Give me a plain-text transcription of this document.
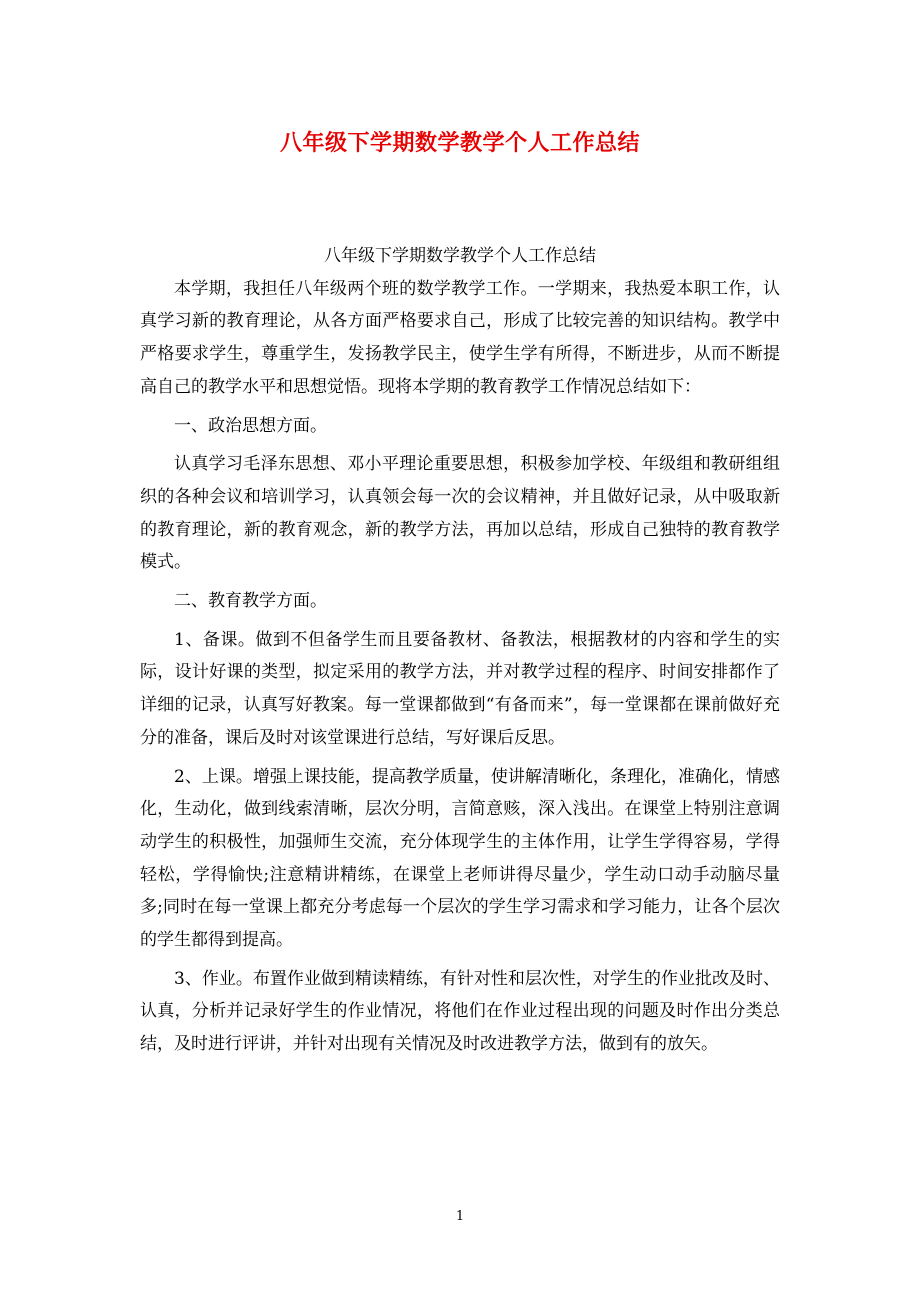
八年级下学期数学教学个人工作总结
八年级下学期数学教学个人工作总结

本学期，我担任八年级两个班的数学教学工作。一学期来，我热爱本职工作，认真学习新的教育理论，从各方面严格要求自己，形成了比较完善的知识结构。教学中严格要求学生，尊重学生，发扬教学民主，使学生学有所得，不断进步，从而不断提高自己的教学水平和思想觉悟。现将本学期的教育教学工作情况总结如下：

一、政治思想方面。

认真学习毛泽东思想、邓小平理论重要思想，积极参加学校、年级组和教研组组织的各种会议和培训学习，认真领会每一次的会议精神，并且做好记录，从中吸取新的教育理论，新的教育观念，新的教学方法，再加以总结，形成自己独特的教育教学模式。

二、教育教学方面。

1、备课。做到不但备学生而且要备教材、备教法，根据教材的内容和学生的实际，设计好课的类型，拟定采用的教学方法，并对教学过程的程序、时间安排都作了详细的记录，认真写好教案。每一堂课都做到“有备而来”，每一堂课都在课前做好充分的准备，课后及时对该堂课进行总结，写好课后反思。

2、上课。增强上课技能，提高教学质量，使讲解清晰化，条理化，准确化，情感化，生动化，做到线索清晰，层次分明，言简意赅，深入浅出。在课堂上特别注意调动学生的积极性，加强师生交流，充分体现学生的主体作用，让学生学得容易，学得轻松，学得愉快;注意精讲精练，在课堂上老师讲得尽量少，学生动口动手动脑尽量多;同时在每一堂课上都充分考虑每一个层次的学生学习需求和学习能力，让各个层次的学生都得到提高。

3、作业。布置作业做到精读精练，有针对性和层次性，对学生的作业批改及时、认真，分析并记录好学生的作业情况，将他们在作业过程出现的问题及时作出分类总结，及时进行评讲，并针对出现有关情况及时改进教学方法，做到有的放矢。

1
